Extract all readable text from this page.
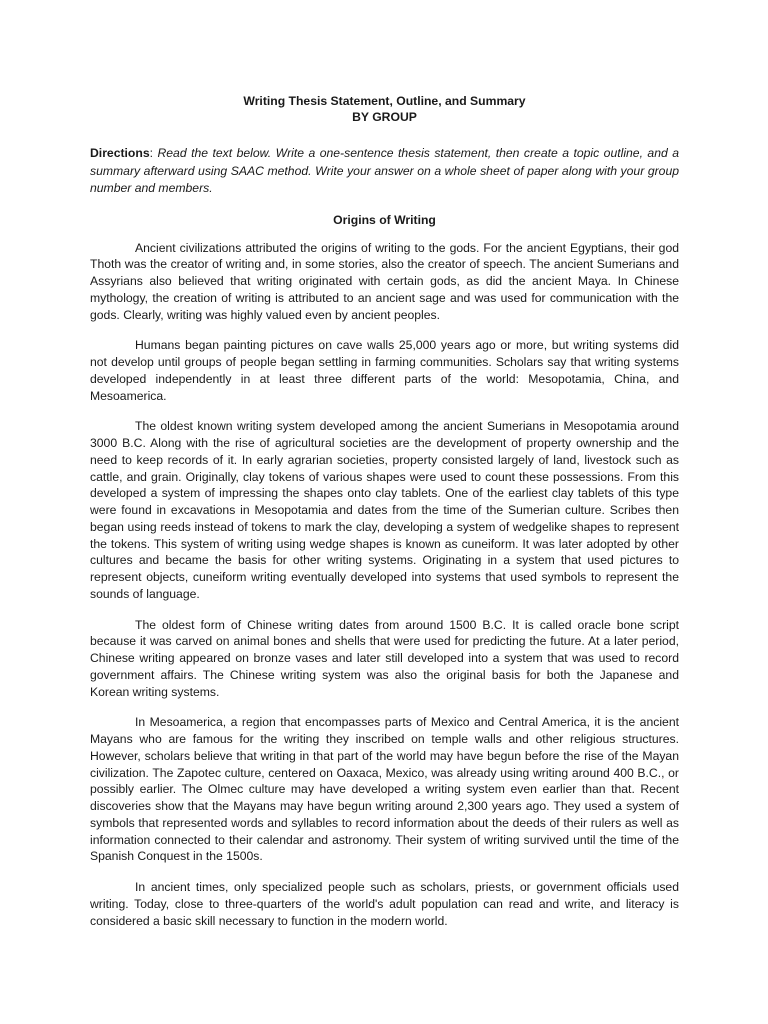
Writing Thesis Statement, Outline, and Summary

BY GROUP

Directions: Read the text below. Write a one-sentence thesis statement, then create a topic outline, and a summary afterward using SAAC method. Write your answer on a whole sheet of paper along with your group number and members.

Origins of Writing

Ancient civilizations attributed the origins of writing to the gods. For the ancient Egyptians, their god Thoth was the creator of writing and, in some stories, also the creator of speech. The ancient Sumerians and Assyrians also believed that writing originated with certain gods, as did the ancient Maya. In Chinese mythology, the creation of writing is attributed to an ancient sage and was used for communication with the gods. Clearly, writing was highly valued even by ancient peoples.

Humans began painting pictures on cave walls 25,000 years ago or more, but writing systems did not develop until groups of people began settling in farming communities. Scholars say that writing systems developed independently in at least three different parts of the world: Mesopotamia, China, and Mesoamerica.

The oldest known writing system developed among the ancient Sumerians in Mesopotamia around 3000 B.C. Along with the rise of agricultural societies are the development of property ownership and the need to keep records of it. In early agrarian societies, property consisted largely of land, livestock such as cattle, and grain. Originally, clay tokens of various shapes were used to count these possessions. From this developed a system of impressing the shapes onto clay tablets. One of the earliest clay tablets of this type were found in excavations in Mesopotamia and dates from the time of the Sumerian culture. Scribes then began using reeds instead of tokens to mark the clay, developing a system of wedgelike shapes to represent the tokens. This system of writing using wedge shapes is known as cuneiform. It was later adopted by other cultures and became the basis for other writing systems. Originating in a system that used pictures to represent objects, cuneiform writing eventually developed into systems that used symbols to represent the sounds of language.

The oldest form of Chinese writing dates from around 1500 B.C. It is called oracle bone script because it was carved on animal bones and shells that were used for predicting the future. At a later period, Chinese writing appeared on bronze vases and later still developed into a system that was used to record government affairs. The Chinese writing system was also the original basis for both the Japanese and Korean writing systems.

In Mesoamerica, a region that encompasses parts of Mexico and Central America, it is the ancient Mayans who are famous for the writing they inscribed on temple walls and other religious structures. However, scholars believe that writing in that part of the world may have begun before the rise of the Mayan civilization. The Zapotec culture, centered on Oaxaca, Mexico, was already using writing around 400 B.C., or possibly earlier. The Olmec culture may have developed a writing system even earlier than that. Recent discoveries show that the Mayans may have begun writing around 2,300 years ago. They used a system of symbols that represented words and syllables to record information about the deeds of their rulers as well as information connected to their calendar and astronomy. Their system of writing survived until the time of the Spanish Conquest in the 1500s.

In ancient times, only specialized people such as scholars, priests, or government officials used writing. Today, close to three-quarters of the world's adult population can read and write, and literacy is considered a basic skill necessary to function in the modern world.
